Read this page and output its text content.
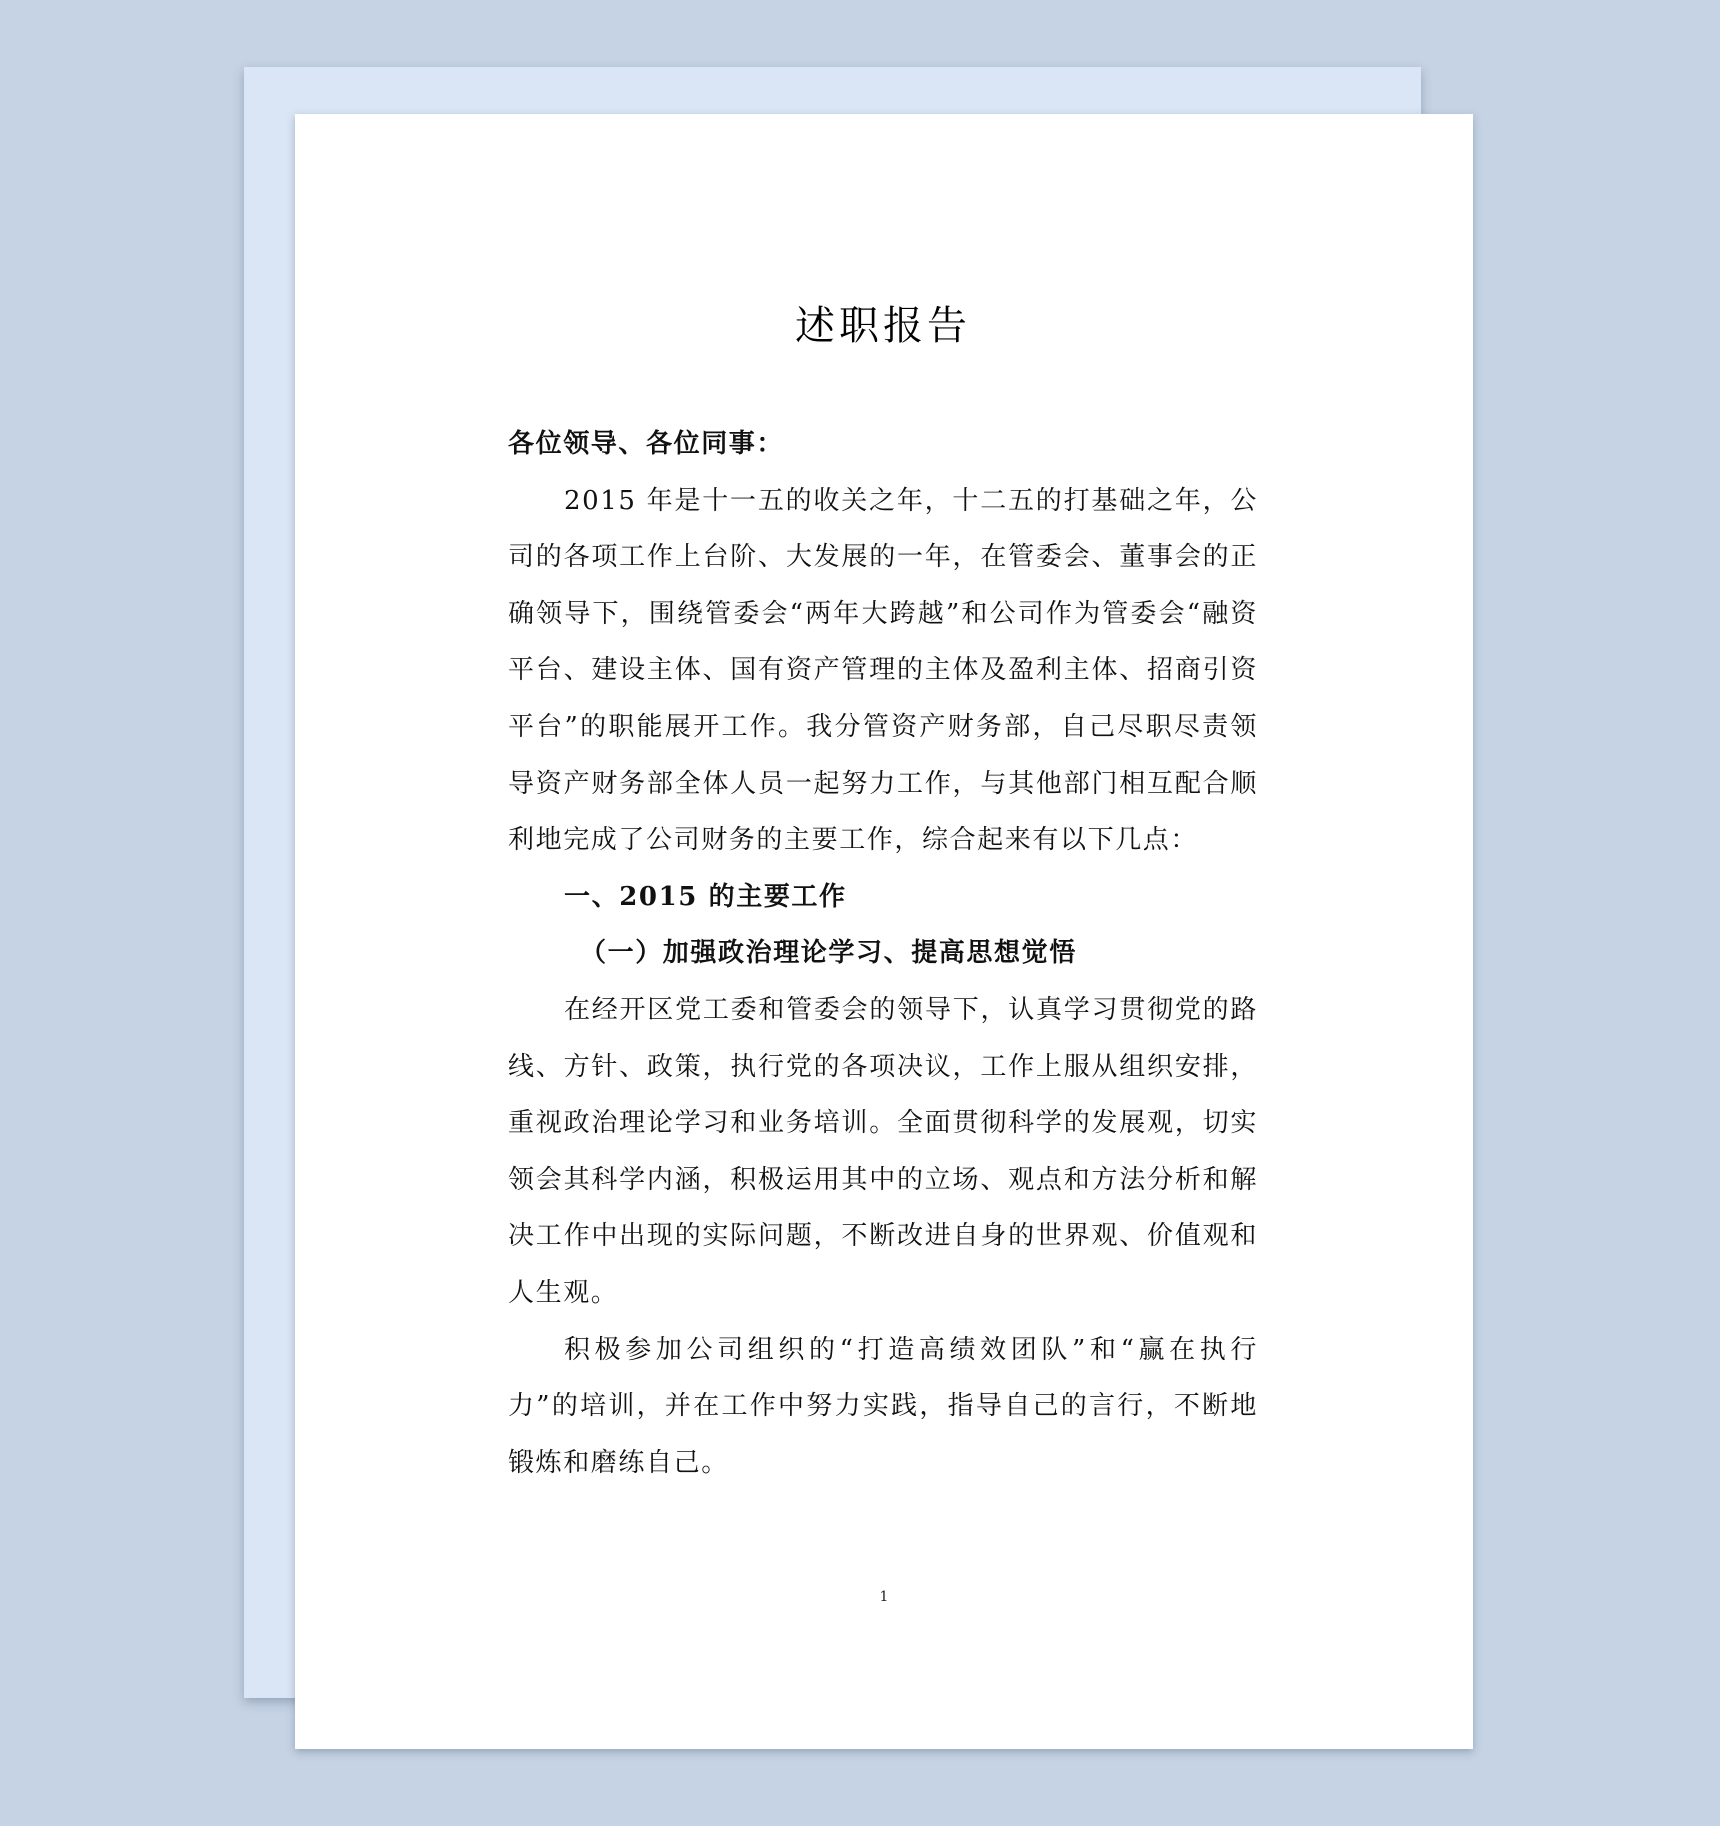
述职报告

各位领导、各位同事：

2015 年是十一五的收关之年，十二五的打基础之年，公司的各项工作上台阶、大发展的一年，在管委会、董事会的正确领导下，围绕管委会“两年大跨越”和公司作为管委会“融资平台、建设主体、国有资产管理的主体及盈利主体、招商引资平台”的职能展开工作。我分管资产财务部，自己尽职尽责领导资产财务部全体人员一起努力工作，与其他部门相互配合顺利地完成了公司财务的主要工作，综合起来有以下几点：

一、2015 的主要工作

（一）加强政治理论学习、提高思想觉悟

在经开区党工委和管委会的领导下，认真学习贯彻党的路线、方针、政策，执行党的各项决议，工作上服从组织安排，重视政治理论学习和业务培训。全面贯彻科学的发展观，切实领会其科学内涵，积极运用其中的立场、观点和方法分析和解决工作中出现的实际问题，不断改进自身的世界观、价值观和人生观。

积极参加公司组织的“打造高绩效团队”和“赢在执行力”的培训，并在工作中努力实践，指导自己的言行，不断地锻炼和磨练自己。

1
